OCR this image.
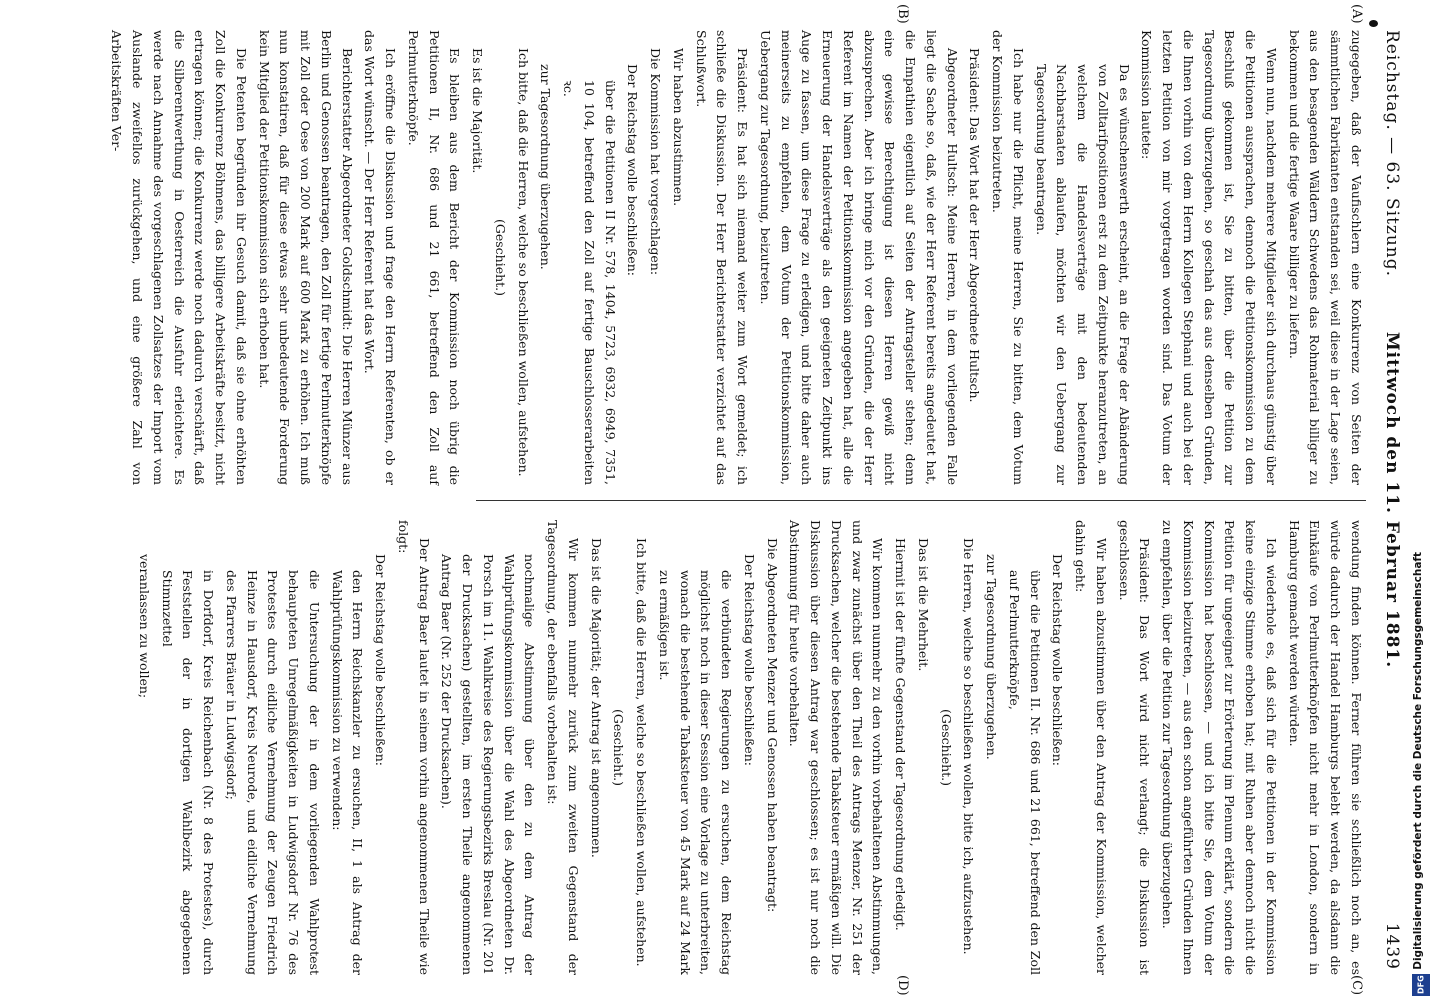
Reichstag. — 63. Sitzung.
Mittwoch den 11. Februar 1881.
1439
(A)
(B)
(C)
(D)

zugegeben, daß der Vaufischlern eine Konkurrenz von Seiten der sämmtlichen Fabrikanten entstanden sei, weil diese in der Lage seien, aus den besagenden Wäldern Schwedens das Rohmaterial billiger zu bekommen und die fertige Waare billiger zu liefern.

Wenn nun, nachdem mehrere Mitglieder sich durchaus günstig über die Petitionen aussprachen, dennoch die Petitionskommission zu dem Beschluß gekommen ist, Sie zu bitten, über die Petition zur Tagesordnung überzugehen, so geschah das aus denselben Gründen, die Ihnen vorhin von dem Herrn Kollegen Stephani und auch bei der letzten Petition von mir vorgetragen worden sind. Das Votum der Kommission lautete:

Da es wünschenswerth erscheint, an die Frage der Abänderung von Zolltarifpositionen erst zu dem Zeitpunkte heranzutreten, an welchem die Handelsverträge mit den bedeutenden Nachbarstaaten ablaufen, möchten wir den Uebergang zur Tagesordnung beantragen.

Ich habe nur die Pflicht, meine Herren, Sie zu bitten, dem Votum der Kommission beizutreten.

Präsident: Das Wort hat der Herr Abgeordnete Hultsch.

Abgeordneter Hultsch: Meine Herren, in dem vorliegenden Falle liegt die Sache so, daß, wie der Herr Referent bereits angedeutet hat, die Empathien eigentlich auf Seiten der Antragsteller stehen; denn eine gewisse Berechtigung ist diesen Herren gewiß nicht abzusprechen. Aber ich bringe mich vor den Gründen, die der Herr Referent im Namen der Petitionskommission angegeben hat, alle die Erneuerung der Handelsverträge als den geeigneten Zeitpunkt ins Auge zu fassen, um diese Frage zu erledigen, und bitte daher auch meinerseits zu empfehlen, dem Votum der Petitionskommission, Uebergang zur Tagesordnung, beizutreten.

Präsident: Es hat sich niemand weiter zum Wort gemeldet; ich schließe die Diskussion. Der Herr Berichterstatter verzichtet auf das Schlußwort.

Wir haben abzustimmen.

Die Kommission hat vorgeschlagen:

Der Reichstag wolle beschließen:

über die Petitionen II Nr. 578, 1404, 5723, 6932, 6949, 7351, 10 104, betreffend den Zoll auf fertige Bauschlosserarbeiten ꝛc.

zur Tagesordnung überzugehen.

Ich bitte, daß die Herren, welche so beschließen wollen, aufstehen.

(Geschieht.)

Es ist die Majorität.

Es bleiben aus dem Bericht der Kommission noch übrig die Petitionen II, Nr. 686 und 21 661, betreffend den Zoll auf Perlmutterknöpfe.

Ich eröffne die Diskussion und frage den Herrn Referenten, ob er das Wort wünscht. — Der Herr Referent hat das Wort.

Berichterstatter Abgeordneter Goldschmidt: Die Herren Münzer aus Berlin und Genossen beantragen, den Zoll für fertige Perlmutterknöpfe mit Zoll oder Oese von 200 Mark auf 600 Mark zu erhöhen. Ich muß nun konstatiren, daß für diese etwas sehr unbedeutende Forderung kein Mitglied der Petitionskommission sich erhoben hat.

Die Petenten begründen ihr Gesuch damit, daß sie ohne erhöhten Zoll die Konkurrenz Böhmens, das billigere Arbeitskräfte besitzt, nicht ertragen können; die Konkurrenz werde noch dadurch verschärft, daß die Silberentwerthung in Oesterreich die Ausfuhr erleichtere. Es werde nach Annahme des vorgeschlagenen Zollsatzes der Import vom Auslande zweifellos zurückgehen, und eine größere Zahl von Arbeitskräften Ver-

wendung finden können. Ferner führen sie schließlich noch an, es würde dadurch der Handel Hamburgs belebt werden, da alsdann die Einkäufe von Perlmutterknöpfen nicht mehr in London, sondern in Hamburg gemacht werden würden.

Ich wiederhole es, daß sich für die Petitionen in der Kommission keine einzige Stimme erhoben hat; mit Ruhen aber dennoch nicht die Petition für ungeeignet zur Erörterung im Plenum erklärt, sondern die Kommission hat beschlossen, — und ich bitte Sie, dem Votum der Kommission beizutreten, — aus den schon angeführten Gründen Ihnen zu empfehlen, über die Petition zur Tagesordnung überzugehen.

Präsident: Das Wort wird nicht verlangt; die Diskussion ist geschlossen.

Wir haben abzustimmen über den Antrag der Kommission, welcher dahin geht:

Der Reichstag wolle beschließen:

über die Petitionen II. Nr. 686 und 21 661, betreffend den Zoll auf Perlmutterknöpfe,

zur Tagesordnung überzugehen.

Die Herren, welche so beschließen wollen, bitte ich, aufzustehen.

(Geschieht.)

Das ist die Mehrheit.

Hiermit ist der fünfte Gegenstand der Tagesordnung erledigt.

Wir kommen nunmehr zu den vorhin vorbehaltenen Abstimmungen, und zwar zunächst über den Theil des Antrags Menzer, Nr. 251 der Drucksachen, welcher die bestehende Tabaksteuer ermäßigen will. Die Diskussion über diesen Antrag war geschlossen; es ist nur noch die Abstimmung für heute vorbehalten.

Die Abgeordneten Menzer und Genossen haben beantragt:

Der Reichstag wolle beschließen:

die verbündeten Regierungen zu ersuchen, dem Reichstag möglichst noch in dieser Session eine Vorlage zu unterbreiten, wonach die bestehende Tabaksteuer von 45 Mark auf 24 Mark zu ermäßigen ist.

Ich bitte, daß die Herren, welche so beschließen wollen, aufstehen.

(Geschieht.)

Das ist die Majorität; der Antrag ist angenommen.

Wir kommen nunmehr zurück zum zweiten Gegenstand der Tagesordnung, der ebenfalls vorbehalten ist:

nochmalige Abstimmung über den zu dem Antrag der Wahlprüfungskommission über die Wahl des Abgeordneten Dr. Porsch im 11. Wahlkreise des Regierungsbezirks Breslau (Nr. 201 der Drucksachen) gestellten, im ersten Theile angenommenen Antrag Baer (Nr. 252 der Drucksachen).

Der Antrag Baer lautet in seinem vorhin angenommenen Theile wie folgt:

Der Reichstag wolle beschließen:

den Herrn Reichskanzler zu ersuchen, II, 1 als Antrag der Wahlprüfungskommission zu verwenden:

die Untersuchung der in dem vorliegenden Wahlprotest behaupteten Unregelmäßigkeiten in Ludwigsdorf Nr. 76 des Protestes durch eidliche Vernehmung der Zeugen Friedrich Heinze in Hausdorf, Kreis Neurode, und eidliche Vernehmung des Pfarrers Bräuer in Ludwigsdorf;

in Dorfdorf, Kreis Reichenbach (Nr. 8 des Protestes), durch Feststellen der in dortigen Wahlbezirk abgegebenen Stimmzettel

veranlassen zu wollen;	Digitalisierung gefördert durch die Deutsche Forschungsgemeinschaft
DFG
